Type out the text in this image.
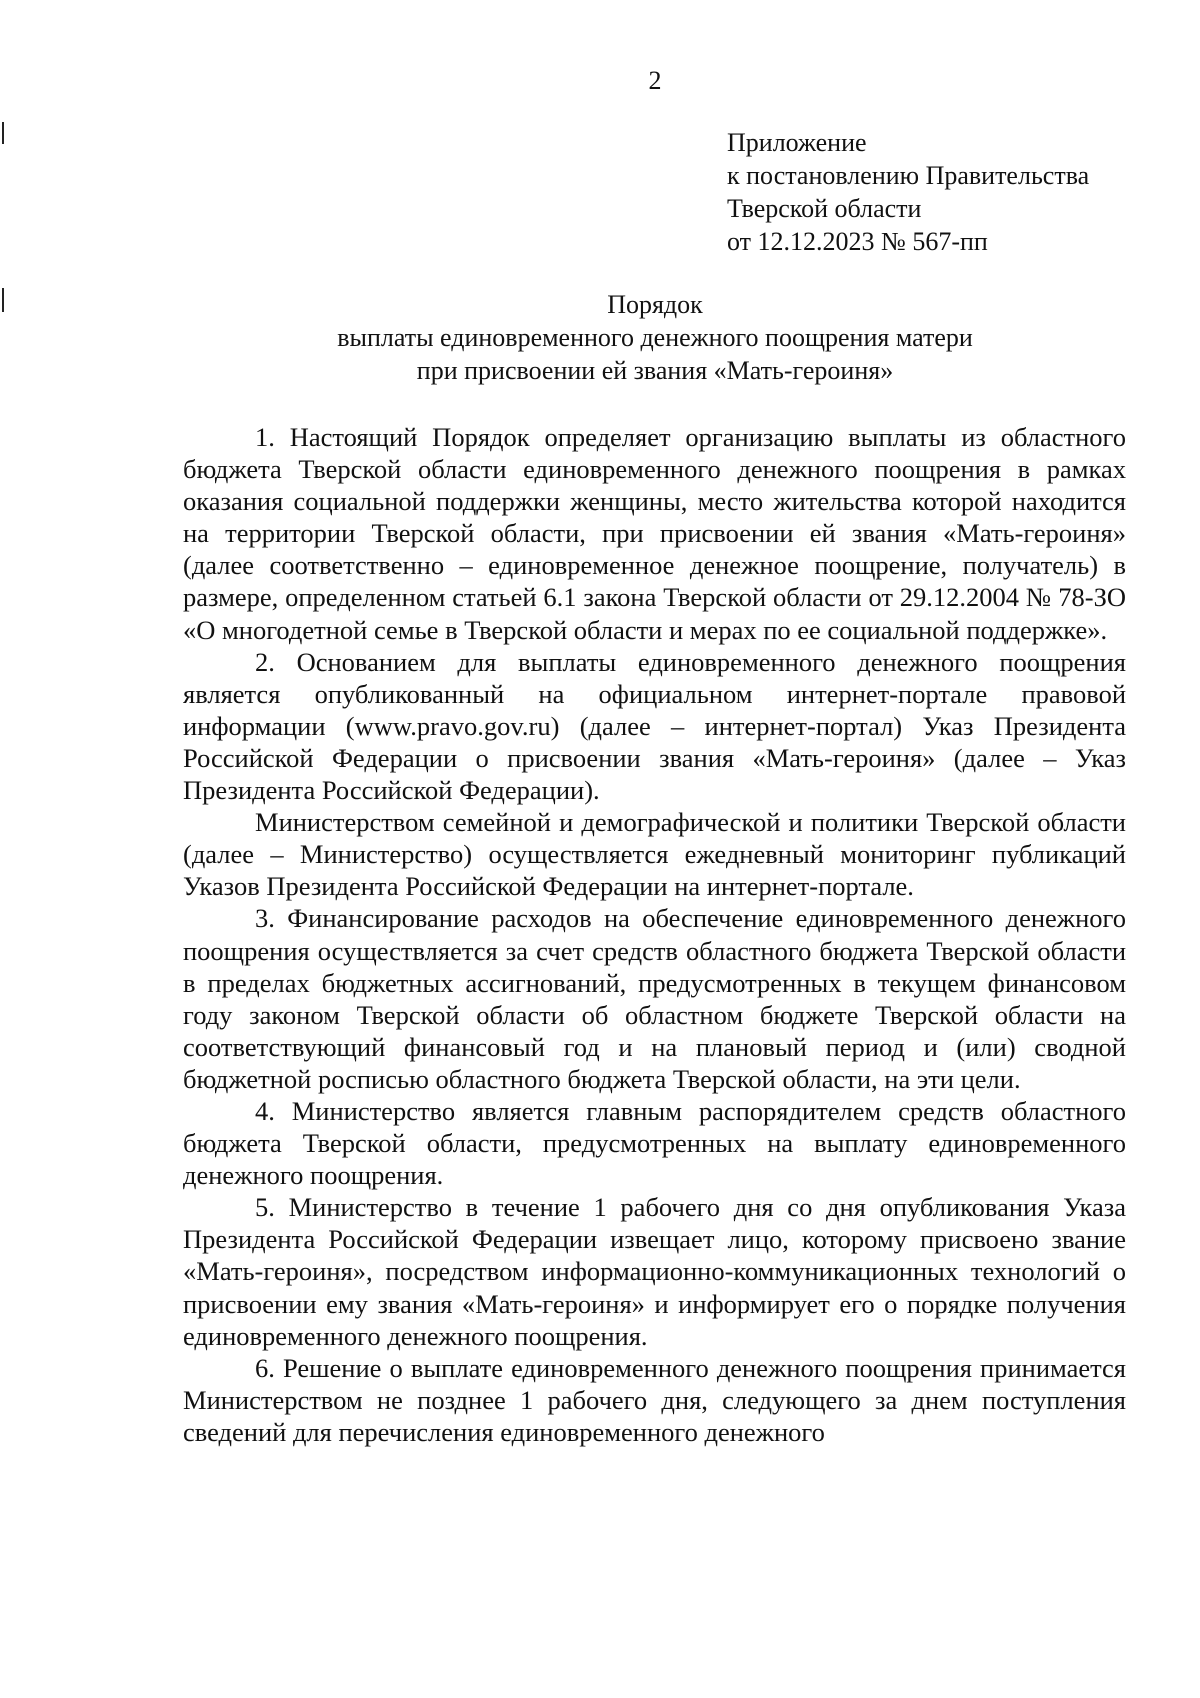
2
Приложение
к постановлению Правительства
Тверской области
от 12.12.2023 № 567-пп
Порядок
выплаты единовременного денежного поощрения матери
при присвоении ей звания «Мать-героиня»

1. Настоящий Порядок определяет организацию выплаты из областного бюджета Тверской области единовременного денежного поощрения в рамках оказания социальной поддержки женщины, место жительства которой находится на территории Тверской области, при присвоении ей звания «Мать-героиня» (далее соответственно – единовременное денежное поощрение, получатель) в размере, определенном статьей 6.1 закона Тверской области от 29.12.2004 № 78-ЗО «О многодетной семье в Тверской области и мерах по ее социальной поддержке».

2. Основанием для выплаты единовременного денежного поощрения является опубликованный на официальном интернет-портале правовой информации (www.pravo.gov.ru) (далее – интернет-портал) Указ Президента Российской Федерации о присвоении звания «Мать-героиня» (далее – Указ Президента Российской Федерации).

Министерством семейной и демографической и политики Тверской области (далее – Министерство) осуществляется ежедневный мониторинг публикаций Указов Президента Российской Федерации на интернет-портале.

3. Финансирование расходов на обеспечение единовременного денежного поощрения осуществляется за счет средств областного бюджета Тверской области в пределах бюджетных ассигнований, предусмотренных в текущем финансовом году законом Тверской области об областном бюджете Тверской области на соответствующий финансовый год и на плановый период и (или) сводной бюджетной росписью областного бюджета Тверской области, на эти цели.

4. Министерство является главным распорядителем средств областного бюджета Тверской области, предусмотренных на выплату единовременного денежного поощрения.

5. Министерство в течение 1 рабочего дня со дня опубликования Указа Президента Российской Федерации извещает лицо, которому присвоено звание «Мать-героиня», посредством информационно-коммуникационных технологий о присвоении ему звания «Мать-героиня» и информирует его о порядке получения единовременного денежного поощрения.

6. Решение о выплате единовременного денежного поощрения принимается Министерством не позднее 1 рабочего дня, следующего за днем поступления сведений для перечисления единовременного денежного
